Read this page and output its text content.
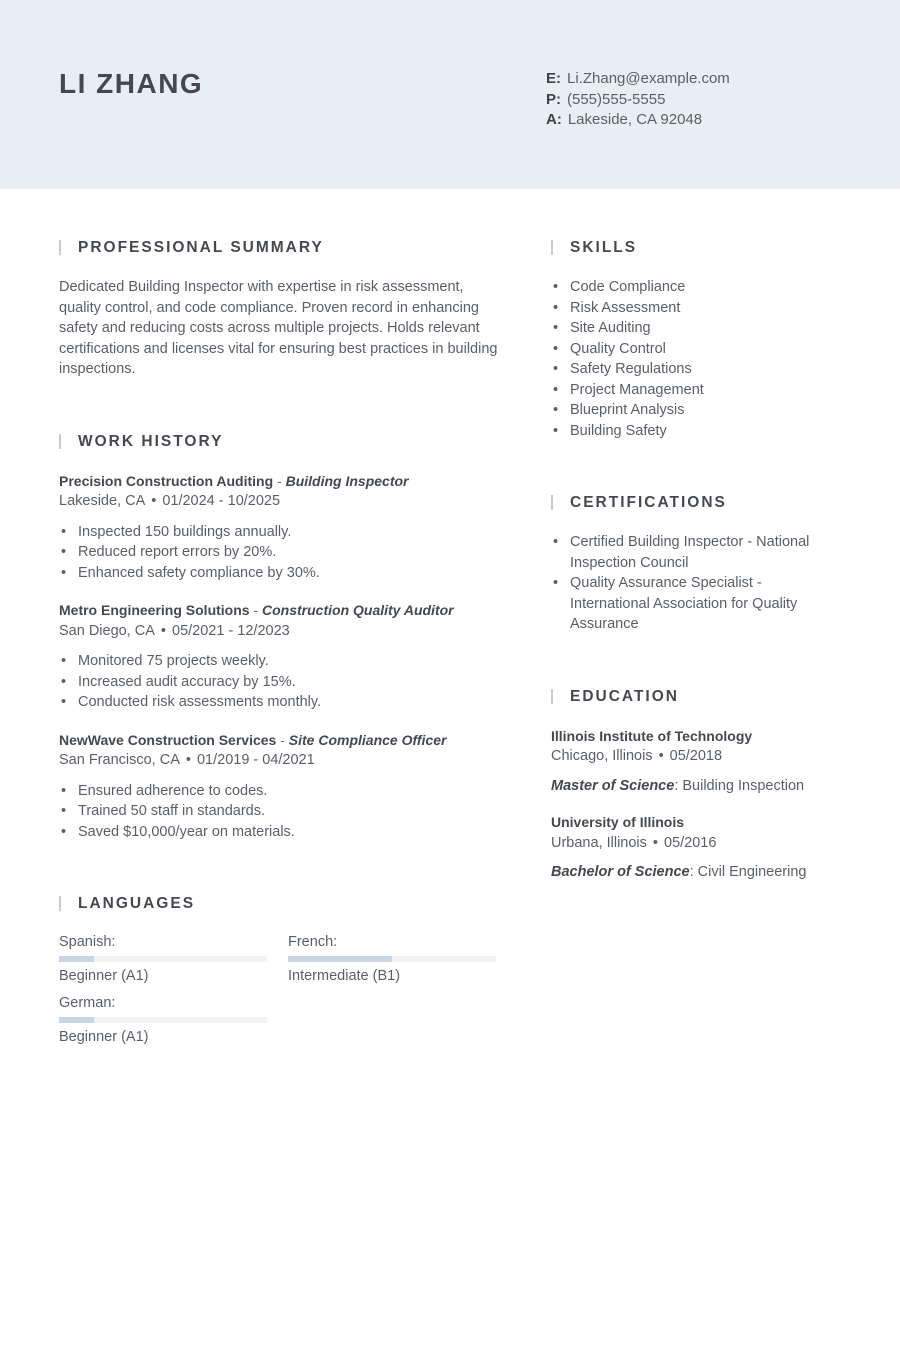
LI ZHANG	E: Li.Zhang@example.com
P: (555)555-5555
A: Lakeside, CA 92048
PROFESSIONAL SUMMARY

Dedicated Building Inspector with expertise in risk assessment, quality control, and code compliance. Proven record in enhancing safety and reducing costs across multiple projects. Holds relevant certifications and licenses vital for ensuring best practices in building inspections.

WORK HISTORY
Precision Construction Auditing - Building Inspector
Lakeside, CA • 01/2024 - 10/2025
• Inspected 150 buildings annually.
• Reduced report errors by 20%.
• Enhanced safety compliance by 30%.
Metro Engineering Solutions - Construction Quality Auditor
San Diego, CA • 05/2021 - 12/2023
• Monitored 75 projects weekly.
• Increased audit accuracy by 15%.
• Conducted risk assessments monthly.
NewWave Construction Services - Site Compliance Officer
San Francisco, CA • 01/2019 - 04/2021
• Ensured adherence to codes.
• Trained 50 staff in standards.
• Saved $10,000/year on materials.
LANGUAGES
Spanish:
Beginner (A1)
French:
Intermediate (B1)
German:
Beginner (A1)
SKILLS
• Code Compliance
• Risk Assessment
• Site Auditing
• Quality Control
• Safety Regulations
• Project Management
• Blueprint Analysis
• Building Safety
CERTIFICATIONS
• Certified Building Inspector - National Inspection Council
• Quality Assurance Specialist - International Association for Quality Assurance
EDUCATION
Illinois Institute of Technology
Chicago, Illinois • 05/2018
Master of Science: Building Inspection
University of Illinois
Urbana, Illinois • 05/2016
Bachelor of Science: Civil Engineering
